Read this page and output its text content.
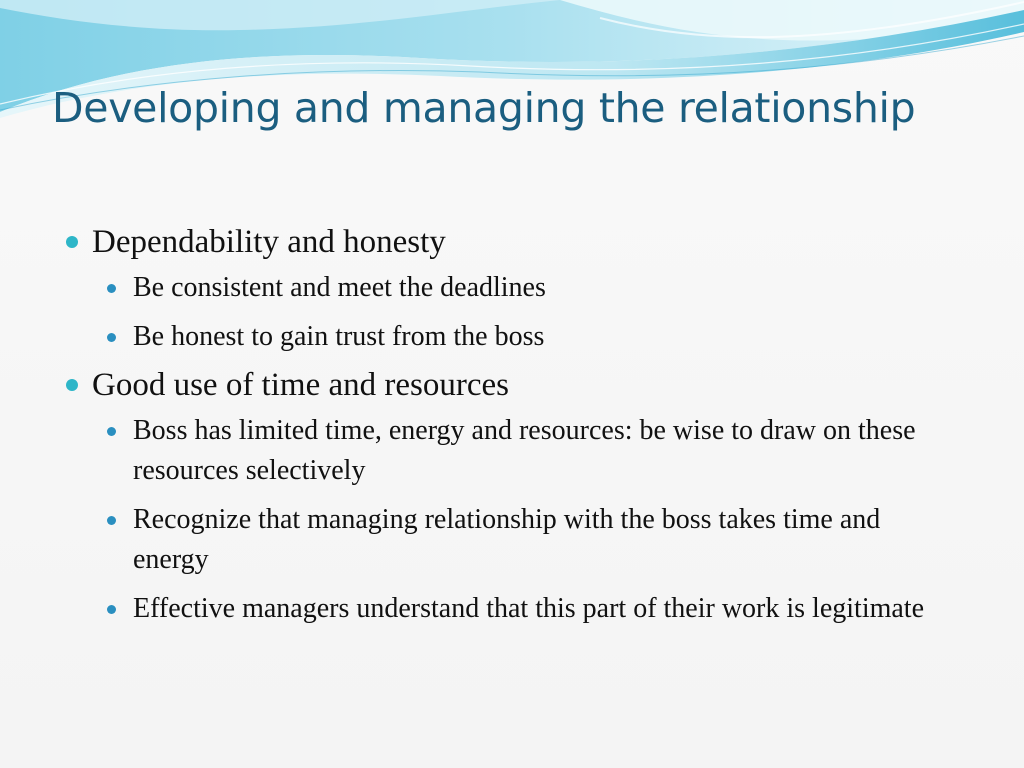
Developing and managing the relationship
Dependability and honesty
Be consistent and meet the deadlines
Be honest to gain trust from the boss
Good use of time and resources
Boss has limited time, energy and resources: be wise to draw on these resources selectively
Recognize that managing relationship with the boss takes time and energy
Effective managers understand that this part of their work is legitimate
